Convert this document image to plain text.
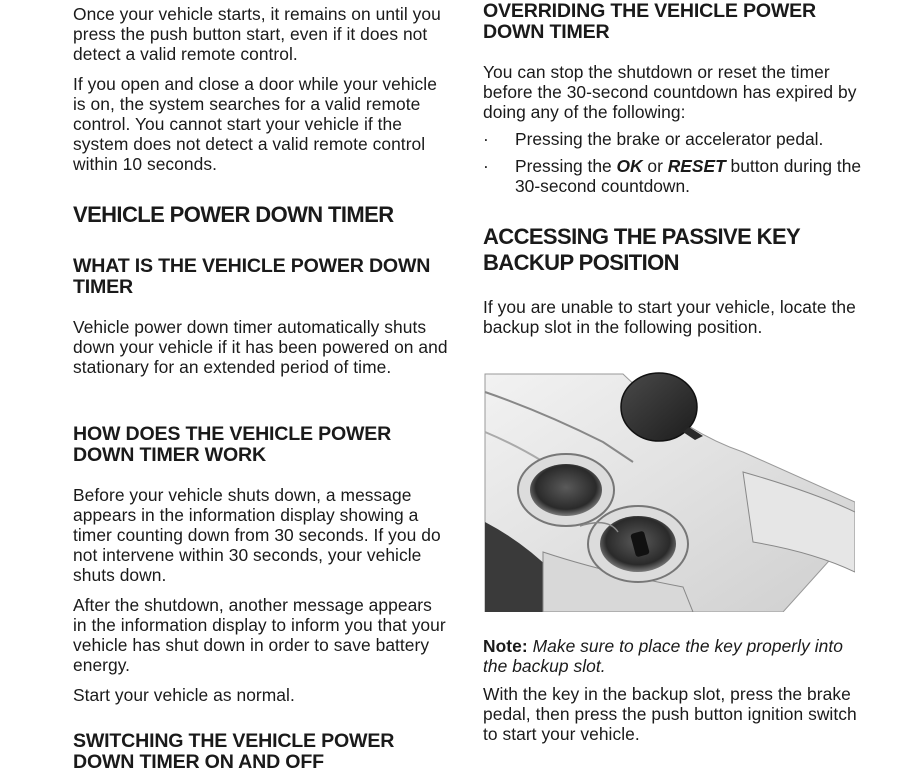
Once your vehicle starts, it remains on until you press the push button start, even if it does not detect a valid remote control.

If you open and close a door while your vehicle is on, the system searches for a valid remote control. You cannot start your vehicle if the system does not detect a valid remote control within 10 seconds.

VEHICLE POWER DOWN TIMER
WHAT IS THE VEHICLE POWER DOWN TIMER

Vehicle power down timer automatically shuts down your vehicle if it has been powered on and stationary for an extended period of time.

HOW DOES THE VEHICLE POWER DOWN TIMER WORK

Before your vehicle shuts down, a message appears in the information display showing a timer counting down from 30 seconds. If you do not intervene within 30 seconds, your vehicle shuts down.

After the shutdown, another message appears in the information display to inform you that your vehicle has shut down in order to save battery energy.

Start your vehicle as normal.

SWITCHING THE VEHICLE POWER DOWN TIMER ON AND OFF
OVERRIDING THE VEHICLE POWER DOWN TIMER

You can stop the shutdown or reset the timer before the 30-second countdown has expired by doing any of the following:

· Pressing the brake or accelerator pedal.
· Pressing the OK or RESET button during the 30-second countdown.
ACCESSING THE PASSIVE KEY BACKUP POSITION

If you are unable to start your vehicle, locate the backup slot in the following position.

Note: Make sure to place the key properly into the backup slot.

With the key in the backup slot, press the brake pedal, then press the push button ignition switch to start your vehicle.
